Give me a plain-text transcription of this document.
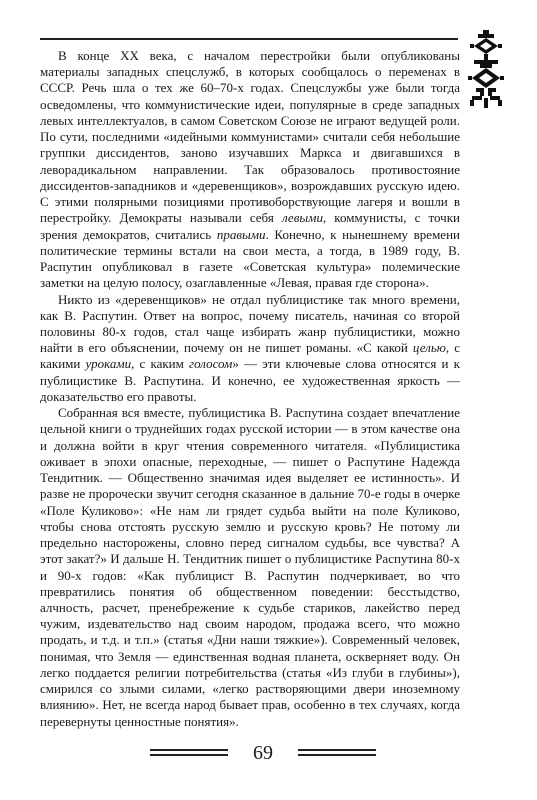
В конце XX века, с началом перестройки были опубликованы материалы западных спецслужб, в которых сообщалось о переменах в СССР. Речь шла о тех же 60–70-х годах. Спецслужбы уже были тогда осведомлены, что коммунистические идеи, популярные в среде западных левых интеллектуалов, в самом Советском Союзе не играют ведущей роли. По сути, последними «идейными коммунистами» считали себя небольшие группки диссидентов, заново изучавших Маркса и двигавшихся в леворадикальном направлении. Так образовалось противостояние диссидентов-западников и «деревенщиков», возрождавших русскую идею. С этими полярными позициями противоборствующие лагеря и вошли в перестройку. Демократы называли себя левыми, коммунисты, с точки зрения демократов, считались правыми. Конечно, к нынешнему времени политические термины встали на свои места, а тогда, в 1989 году, В. Распутин опубликовал в газете «Советская культура» полемические заметки на целую полосу, озаглавленные «Левая, правая где сторона».

Никто из «деревенщиков» не отдал публицистике так много времени, как В. Распутин. Ответ на вопрос, почему писатель, начиная со второй половины 80-х годов, стал чаще избирать жанр публицистики, можно найти в его объяснении, почему он не пишет романы. «С какой целью, с какими уроками, с каким голосом» — эти ключевые слова относятся и к публицистике В. Распутина. И конечно, ее художественная яркость — доказательство его правоты.

Собранная вся вместе, публицистика В. Распутина создает впечатление цельной книги о труднейших годах русской истории — в этом качестве она и должна войти в круг чтения современного читателя. «Публицистика оживает в эпохи опасные, переходные, — пишет о Распутине Надежда Тендитник. — Общественно значимая идея выделяет ее истинность». И разве не пророчески звучит сегодня сказанное в дальние 70-е годы в очерке «Поле Куликово»: «Не нам ли грядет судьба выйти на поле Куликово, чтобы снова отстоять русскую землю и русскую кровь? Не потому ли предельно насторожены, словно перед сигналом судьбы, все чувства? А этот закат?» И дальше Н. Тендитник пишет о публицистике Распутина 80-х и 90-х годов: «Как публицист В. Распутин подчеркивает, во что превратились понятия об общественном поведении: бесстыдство, алчность, расчет, пренебрежение к судьбе стариков, лакейство перед чужим, издевательство над своим народом, продажа всего, что можно продать, и т.д. и т.п.» (статья «Дни наши тяжкие»). Современный человек, понимая, что Земля — единственная водная планета, оскверняет воду. Он легко поддается религии потребительства (статья «Из глуби в глубины»), смирился со злыми силами, «легко растворяющими двери иноземному влиянию». Нет, не всегда народ бывает прав, особенно в тех случаях, когда перевернуты ценностные понятия».

69
